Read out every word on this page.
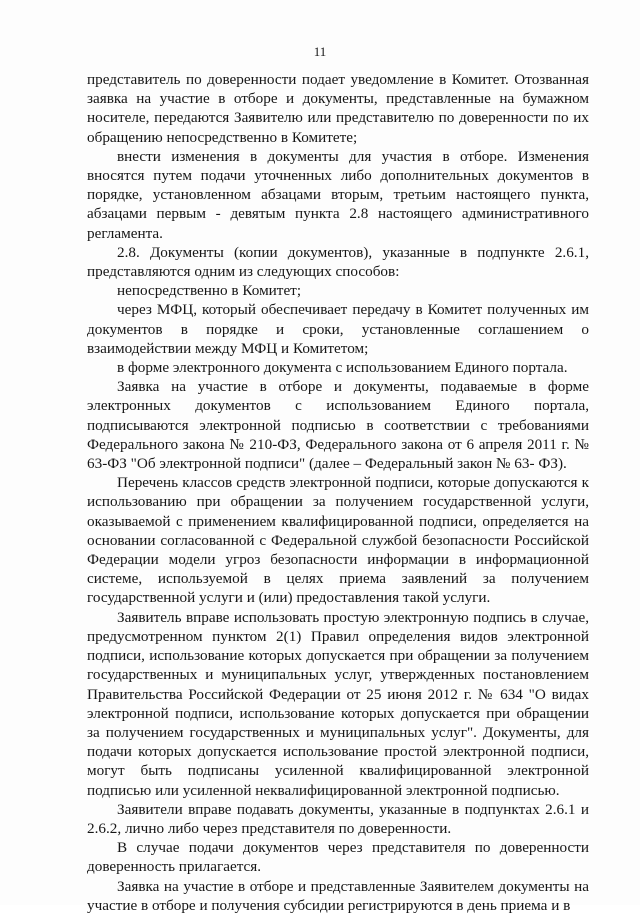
11

представитель по доверенности подает уведомление в Комитет. Отозванная заявка на участие в отборе и документы, представленные на бумажном носителе, передаются Заявителю или представителю по доверенности по их обращению непосредственно в Комитете;

внести изменения в документы для участия в отборе. Изменения вносятся путем подачи уточненных либо дополнительных документов в порядке, установленном абзацами вторым, третьим настоящего пункта, абзацами первым - девятым пункта 2.8 настоящего административного регламента.

2.8. Документы (копии документов), указанные в подпункте 2.6.1, представляются одним из следующих способов:

непосредственно в Комитет;

через МФЦ, который обеспечивает передачу в Комитет полученных им документов в порядке и сроки, установленные соглашением о взаимодействии между МФЦ и Комитетом;

в форме электронного документа с использованием Единого портала.

Заявка на участие в отборе и документы, подаваемые в форме электронных документов с использованием Единого портала, подписываются электронной подписью в соответствии с требованиями Федерального закона № 210-ФЗ, Федерального закона от 6 апреля 2011 г. № 63-ФЗ "Об электронной подписи" (далее – Федеральный закон № 63- ФЗ).

Перечень классов средств электронной подписи, которые допускаются к использованию при обращении за получением государственной услуги, оказываемой с применением квалифицированной подписи, определяется на основании согласованной с Федеральной службой безопасности Российской Федерации модели угроз безопасности информации в информационной системе, используемой в целях приема заявлений за получением государственной услуги и (или) предоставления такой услуги.

Заявитель вправе использовать простую электронную подпись в случае, предусмотренном пунктом 2(1) Правил определения видов электронной подписи, использование которых допускается при обращении за получением государственных и муниципальных услуг, утвержденных постановлением Правительства Российской Федерации от 25 июня 2012 г. № 634 "О видах электронной подписи, использование которых допускается при обращении за получением государственных и муниципальных услуг". Документы, для подачи которых допускается использование простой электронной подписи, могут быть подписаны усиленной квалифицированной электронной подписью или усиленной неквалифицированной электронной подписью.

Заявители вправе подавать документы, указанные в подпунктах 2.6.1 и 2.6.2, лично либо через представителя по доверенности.

В случае подачи документов через представителя по доверенности доверенность прилагается.

Заявка на участие в отборе и представленные Заявителем документы на участие в отборе и получения субсидии регистрируются в день приема и в
